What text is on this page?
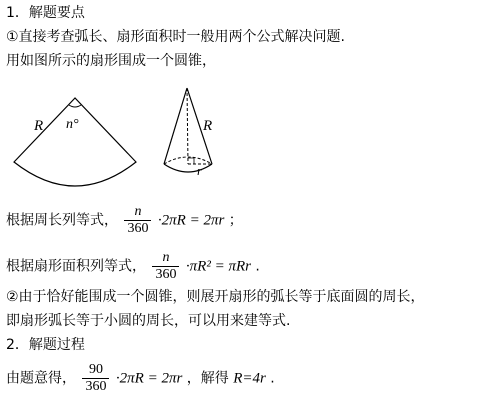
1．解题要点
①直接考查弧长、扇形面积时一般用两个公式解决问题.
用如图所示的扇形围成一个圆锥，
R n°	R
r
根据周长列等式， $\frac{n}{360} \cdot 2\pi R = 2\pi r$ ；
根据扇形面积列等式， $\frac{n}{360} \cdot\pi R^2 = \pi Rr$ .
②由于恰好能围成一个圆锥，则展开扇形的弧长等于底面圆的周长，
即扇形弧长等于小圆的周长，可以用来建等式.
2．解题过程
由题意得， $\frac{90}{360} \cdot 2\pi R = 2\pi r$ ，解得 R=4r .
